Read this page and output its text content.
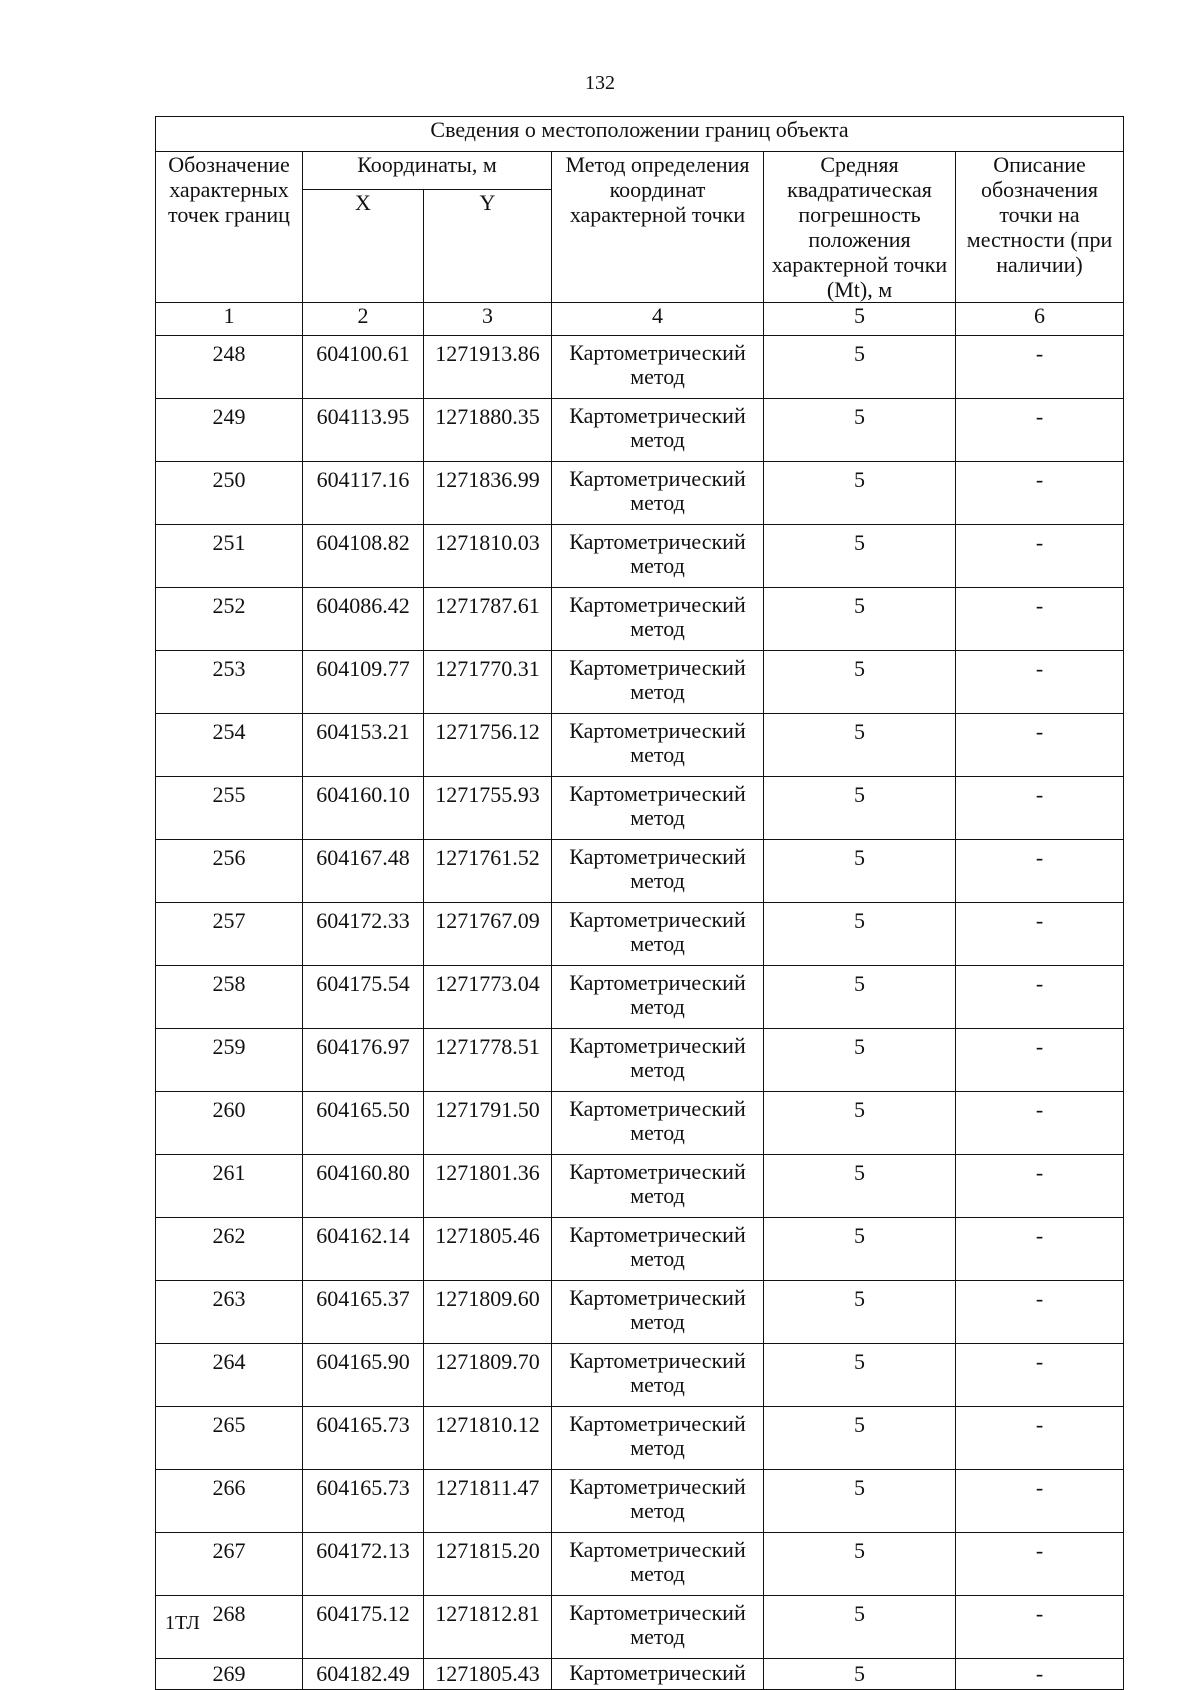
132
Сведения о местоположении границ объекта					
Обозначение характерных точек границ	Координаты, м		Метод определения координат характерной точки	Средняя квадратическая погрешность положения характерной точки (Mt), м	Описание обозначения точки на местности (при наличии)
	X	Y			
1	2	3	4	5	6
248	604100.61	1271913.86	Картометрический метод	5	-
249	604113.95	1271880.35	Картометрический метод	5	-
250	604117.16	1271836.99	Картометрический метод	5	-
251	604108.82	1271810.03	Картометрический метод	5	-
252	604086.42	1271787.61	Картометрический метод	5	-
253	604109.77	1271770.31	Картометрический метод	5	-
254	604153.21	1271756.12	Картометрический метод	5	-
255	604160.10	1271755.93	Картометрический метод	5	-
256	604167.48	1271761.52	Картометрический метод	5	-
257	604172.33	1271767.09	Картометрический метод	5	-
258	604175.54	1271773.04	Картометрический метод	5	-
259	604176.97	1271778.51	Картометрический метод	5	-
260	604165.50	1271791.50	Картометрический метод	5	-
261	604160.80	1271801.36	Картометрический метод	5	-
262	604162.14	1271805.46	Картометрический метод	5	-
263	604165.37	1271809.60	Картометрический метод	5	-
264	604165.90	1271809.70	Картометрический метод	5	-
265	604165.73	1271810.12	Картометрический метод	5	-
266	604165.73	1271811.47	Картометрический метод	5	-
267	604172.13	1271815.20	Картометрический метод	5	-
268	604175.12	1271812.81	Картометрический метод	5	-
269	604182.49	1271805.43	Картометрический	5	-
1ТЛ
